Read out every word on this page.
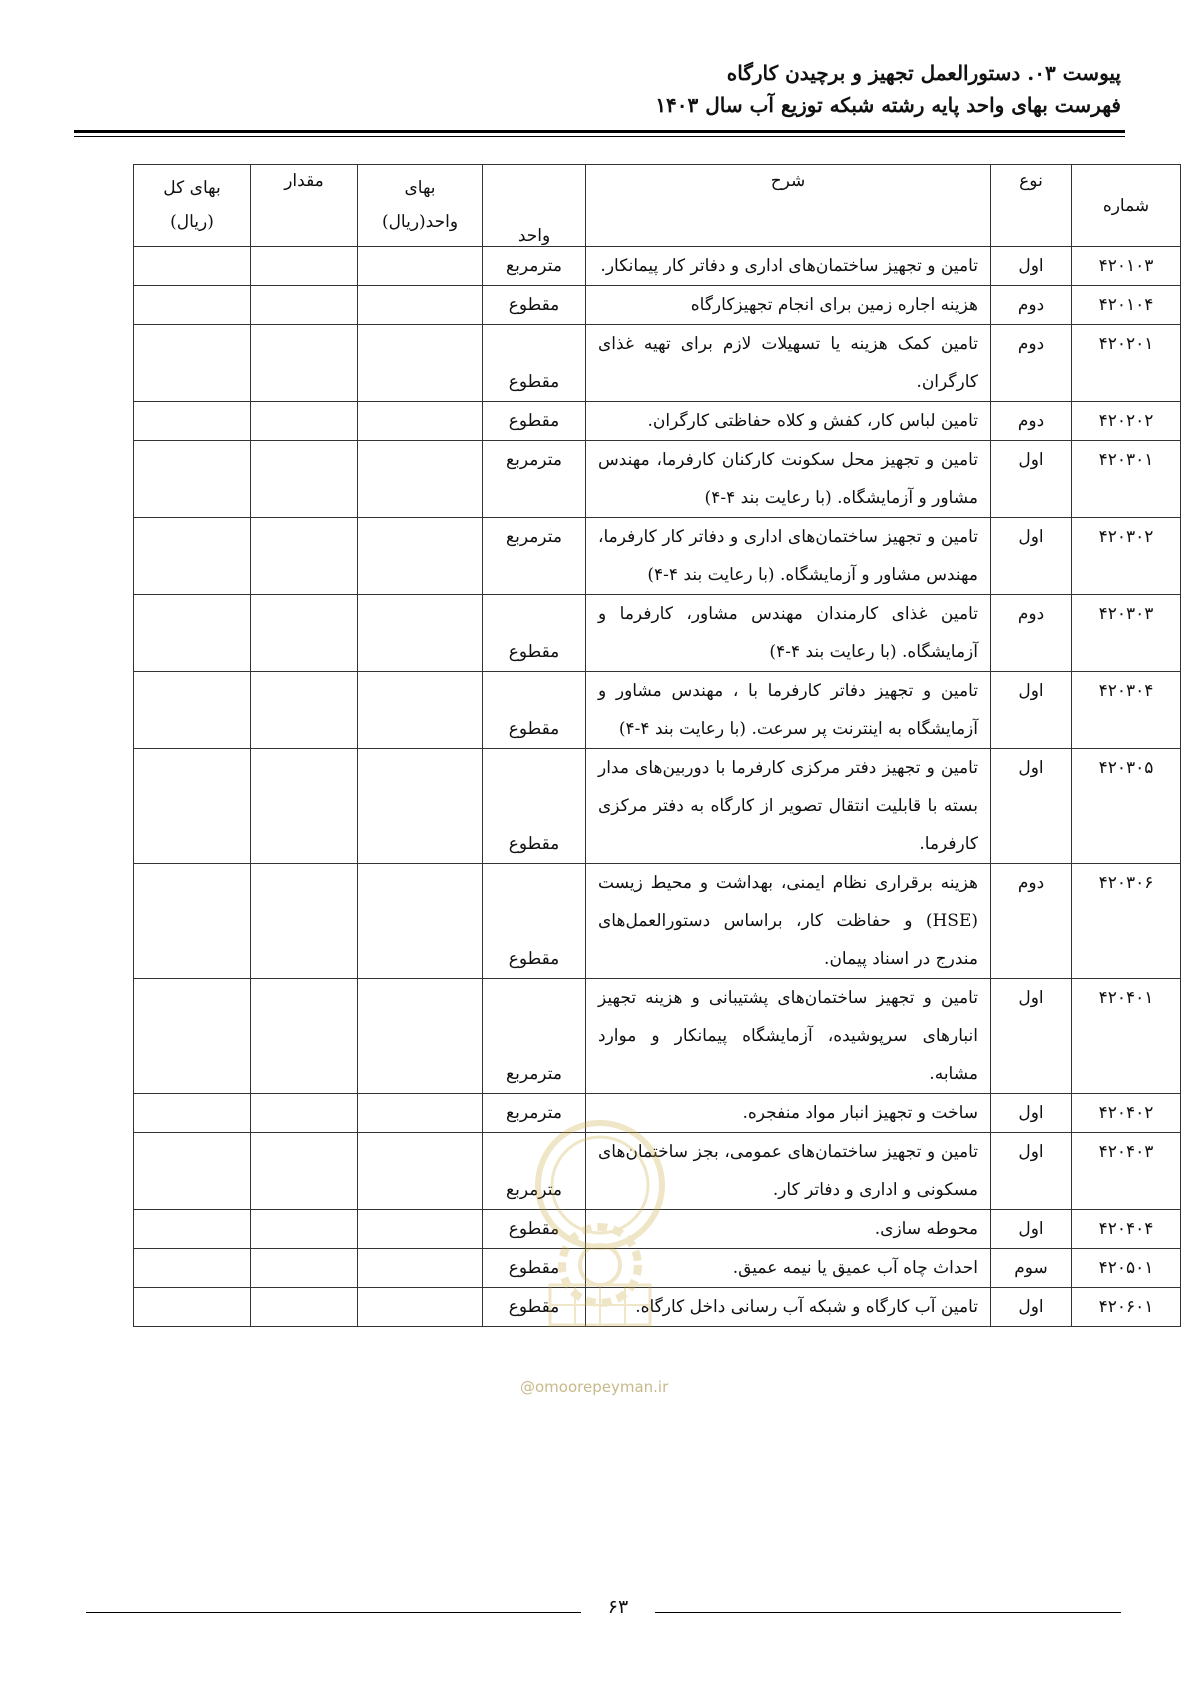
پیوست ۰۳. دستورالعمل تجهیز و برچیدن کارگاه
فهرست بهای واحد پایه رشته شبکه توزیع آب سال ۱۴۰۳
شماره	نوع	شرح	واحد	بهای واحد(ریال)	مقدار	بهای کل (ریال)
۴۲۰۱۰۳	اول	تامین و تجهیز ساختمان‌های اداری و دفاتر کار پیمانکار.	مترمربع			
۴۲۰۱۰۴	دوم	هزینه اجاره زمین برای انجام تجهیزکارگاه	مقطوع			
۴۲۰۲۰۱	دوم	تامین کمک هزینه یا تسهیلات لازم برای تهیه غذای کارگران.	مقطوع			
۴۲۰۲۰۲	دوم	تامین لباس کار، کفش و کلاه حفاظتی کارگران.	مقطوع			
۴۲۰۳۰۱	اول	تامین و تجهیز محل سکونت کارکنان کارفرما، مهندس مشاور و آزمایشگاه. (با رعایت بند ۴-۴)	مترمربع			
۴۲۰۳۰۲	اول	تامین و تجهیز ساختمان‌های اداری و دفاتر کار کارفرما، مهندس مشاور و آزمایشگاه. (با رعایت بند ۴-۴)	مترمربع			
۴۲۰۳۰۳	دوم	تامین غذای کارمندان مهندس مشاور، کارفرما و آزمایشگاه. (با رعایت بند ۴-۴)	مقطوع			
۴۲۰۳۰۴	اول	تامین و تجهیز دفاتر کارفرما با ، مهندس مشاور و آزمایشگاه به اینترنت پر سرعت. (با رعایت بند ۴-۴)	مقطوع			
۴۲۰۳۰۵	اول	تامین و تجهیز دفتر مرکزی کارفرما با دوربین‌های مدار بسته با قابلیت انتقال تصویر از کارگاه به دفتر مرکزی کارفرما.	مقطوع			
۴۲۰۳۰۶	دوم	هزینه برقراری نظام ایمنی، بهداشت و محیط زیست (HSE) و حفاظت کار، براساس دستورالعمل‌های مندرج در اسناد پیمان.	مقطوع			
۴۲۰۴۰۱	اول	تامین و تجهیز ساختمان‌های پشتیبانی و هزینه تجهیز انبارهای سرپوشیده، آزمایشگاه پیمانکار و موارد مشابه.	مترمربع			
۴۲۰۴۰۲	اول	ساخت و تجهیز انبار مواد منفجره.	مترمربع			
۴۲۰۴۰۳	اول	تامین و تجهیز ساختمان‌های عمومی، بجز ساختمان‌های مسکونی و اداری و دفاتر کار.	مترمربع			
۴۲۰۴۰۴	اول	محوطه سازی.	مقطوع			
۴۲۰۵۰۱	سوم	احداث چاه آب عمیق یا نیمه عمیق.	مقطوع			
۴۲۰۶۰۱	اول	تامین آب کارگاه و شبکه آب رسانی داخل کارگاه.	مقطوع			
@omoorepeyman.ir
۶۳
